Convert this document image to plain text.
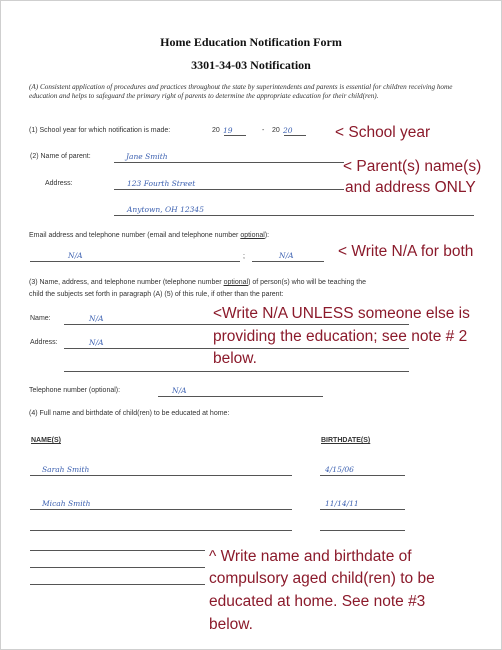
Home Education Notification Form
3301-34-03 Notification
(A) Consistent application of procedures and practices throughout the state by superintendents and parents is essential for children receiving home education and helps to safeguard the primary right of parents to determine the appropriate education for their child(ren).
(1) School year for which notification is made:	20 19	- 20 20	< School year
(2) Name of parent:	Jane Smith
< Parent(s) name(s)
and address ONLY
Address:	123 Fourth Street
Anytown, OH 12345
Email address and telephone number (email and telephone number optional):
N/A	;	N/A	< Write N/A for both
(3) Name, address, and telephone number (telephone number optional) of person(s) who will be teaching the
child the subjects set forth in paragraph (A) (5) of this rule, if other than the parent:
Name:	N/A
Address:	N/A
<Write N/A UNLESS someone else is
providing the education; see note # 2
below.
Telephone number (optional):	N/A
(4) Full name and birthdate of child(ren) to be educated at home:
NAME(S)	BIRTHDATE(S)
Sarah Smith	4/15/06
Micah Smith	11/14/11
^ Write name and birthdate of
compulsory aged child(ren) to be
educated at home. See note #3
below.
